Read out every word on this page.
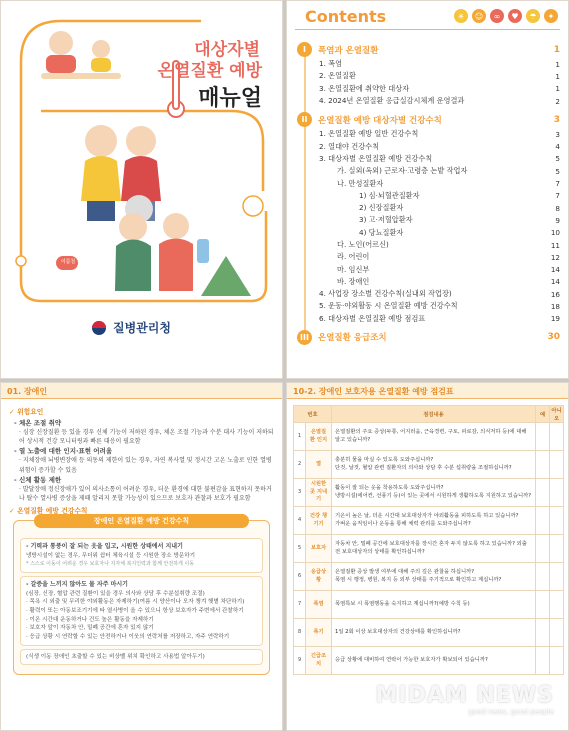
대상자별
온열질환 예방
매뉴얼
여름철
질병관리청
Contents	☀	☺	∞	♥	☂	✦
I	폭염과 온열질환	1
1. 폭염	1
2. 온열질환	1
3. 온열질환에 취약한 대상자	1
4. 2024년 온열질환 응급실감시체계 운영결과	2
II	온열질환 예방 대상자별 건강수칙	3
1. 온열질환 예방 일반 건강수칙	3
2. 열대야 건강수칙	4
3. 대상자별 온열질환 예방 건강수칙	5
가. 실외(옥외) 근로자·고령층 논밭 작업자	5
나. 만성질환자	7
1) 심·뇌혈관질환자	7
2) 신장질환자	8
3) 고·저혈압환자	9
4) 당뇨질환자	10
다. 노인(어르신)	11
라. 어린이	12
마. 임신부	14
바. 장애인	14
4. 사업장 장소별 건강수칙(실내외 작업장)	16
5. 운동·야외활동 시 온열질환 예방 건강수칙	18
6. 대상자별 온열질환 예방 점검표	19
III	온열질환 응급조치	30
01. 장애인
✓ 위험요인
- 체온 조절 취약
· 심장 신장질환 등 있을 경우 신체 기능이 저하된 경우, 체온 조절 기능과 수분 대사 기능이 저하되어 상시적 건강 모니터링과 빠른 대응이 필요함
- 열 노출에 대한 인지·표현 어려움
· 지체장애 뇌병변장애 등 의동의 제한이 있는 경우, 자연 복사열 및 정시간 고온 노출로 인한 열병 위험이 증가할 수 있음
- 신체 활동 제한
· 발달장애 정신장애가 있어 의사소통이 어려운 경우, 더운 환경에 대한 불편감을 표현하지 못하거나 탈수 열사병 증상을 제때 알리지 못할 가능성이 있으므로 보호자 관찰과 보호가 필요함
✓ 온열질환 예방 건강수칙
장애인 온열질환 예방 건강수칙
- 기력과 통풍이 잘 되는 옷을 입고, 시원한 상태에서 지내기
냉방시설이 없는 경우, 무더위 쉼터 체육시설 등 시원한 장소 방문하기
* 스스로 이동이 어려운 경우 보호자나 지자체 복지인력과 함께 안전하게 이동
- 갈증을 느끼지 않아도 물 자주 마시기
(심장, 신장, 혈압 관련 질환이 있을 경우 의사와 상담 후 수분섭취량 조절)
· 목욕 시 외출 및 무리한 야외활동은 자제하기(여름 시 양산이나 모자 챙겨 햇볕 차단하기)
· 활력이 또는 아동보조기기에 타 열사병이 올 수 있으니 항상 보호자가 주변에서 관찰하기
· 이온 시간대 운동하거나 건도 높은 활동을 자제하기
· 보호자 앞이 자동차 안, 밀폐 공간에 혼자 있지 않기
· 응급 상황 시 연락할 수 있는 안전하거나 이웃의 연락처를 저장하고, 자주 연락하기
(식생 이동 장애인 초출할 수 있는 비상벨 위치 확인하고 사용법 알아두기)
10-2. 장애인 보호자용 온열질환 예방 점검표
번호		점검내용	예	아니오
1	온열질환 인지	온열질환의 주요 증상(두통, 어지러움, 근육경련, 구토, 피로감, 의식저하 등)에 대해 알고 있습니까?		
2	열	충분히 물을 마실 수 있도록 도와주십니까?
단것, 날것, 혈압 관련 질환자의 의사와 상담 후 수분 섭취량을 조절하십니까?		
3	시원한 곳 지내기	활동이 잘 되는 옷을 착용하도록 도와주십니까?
냉방시설(에어컨, 선풍기 등)이 있는 곳에서 시원하게 생활하도록 지원하고 있습니까?		
4	건강 챙기기	기온이 높은 날, 더운 시간대 보호대상자가 야외활동을 피하도록 하고 있습니까?
가벼운 움직임이나 운동을 통해 체력 관리를 도와주십니까?		
5	보호자	자동차 안, 밀폐 공간에 보호대상자를 장시간 혼자 두지 않도록 하고 있습니까? 외출 전 보호대상자의 상태를 확인하십니까?		
6	응급상황	온열질환 증상 발생 여부에 대해 주의 깊은 관찰을 하십니까?
폭염 시 행정, 병원, 복지 등 외부 상태를 주기적으로 확인하고 계십니까?		
7	폭염	폭염특보 시 폭염행동을 숙지하고 계십니까?(예방 수칙 등)		
8	폭기	1일 2회 이상 보호대상자의 건강상태를 확인하십니까?		
9	긴급조치	응급 상황에 대비하여 연락이 가능한 보호자가 확보되어 있습니까?		
MIDAM NEWS
good news, good people
